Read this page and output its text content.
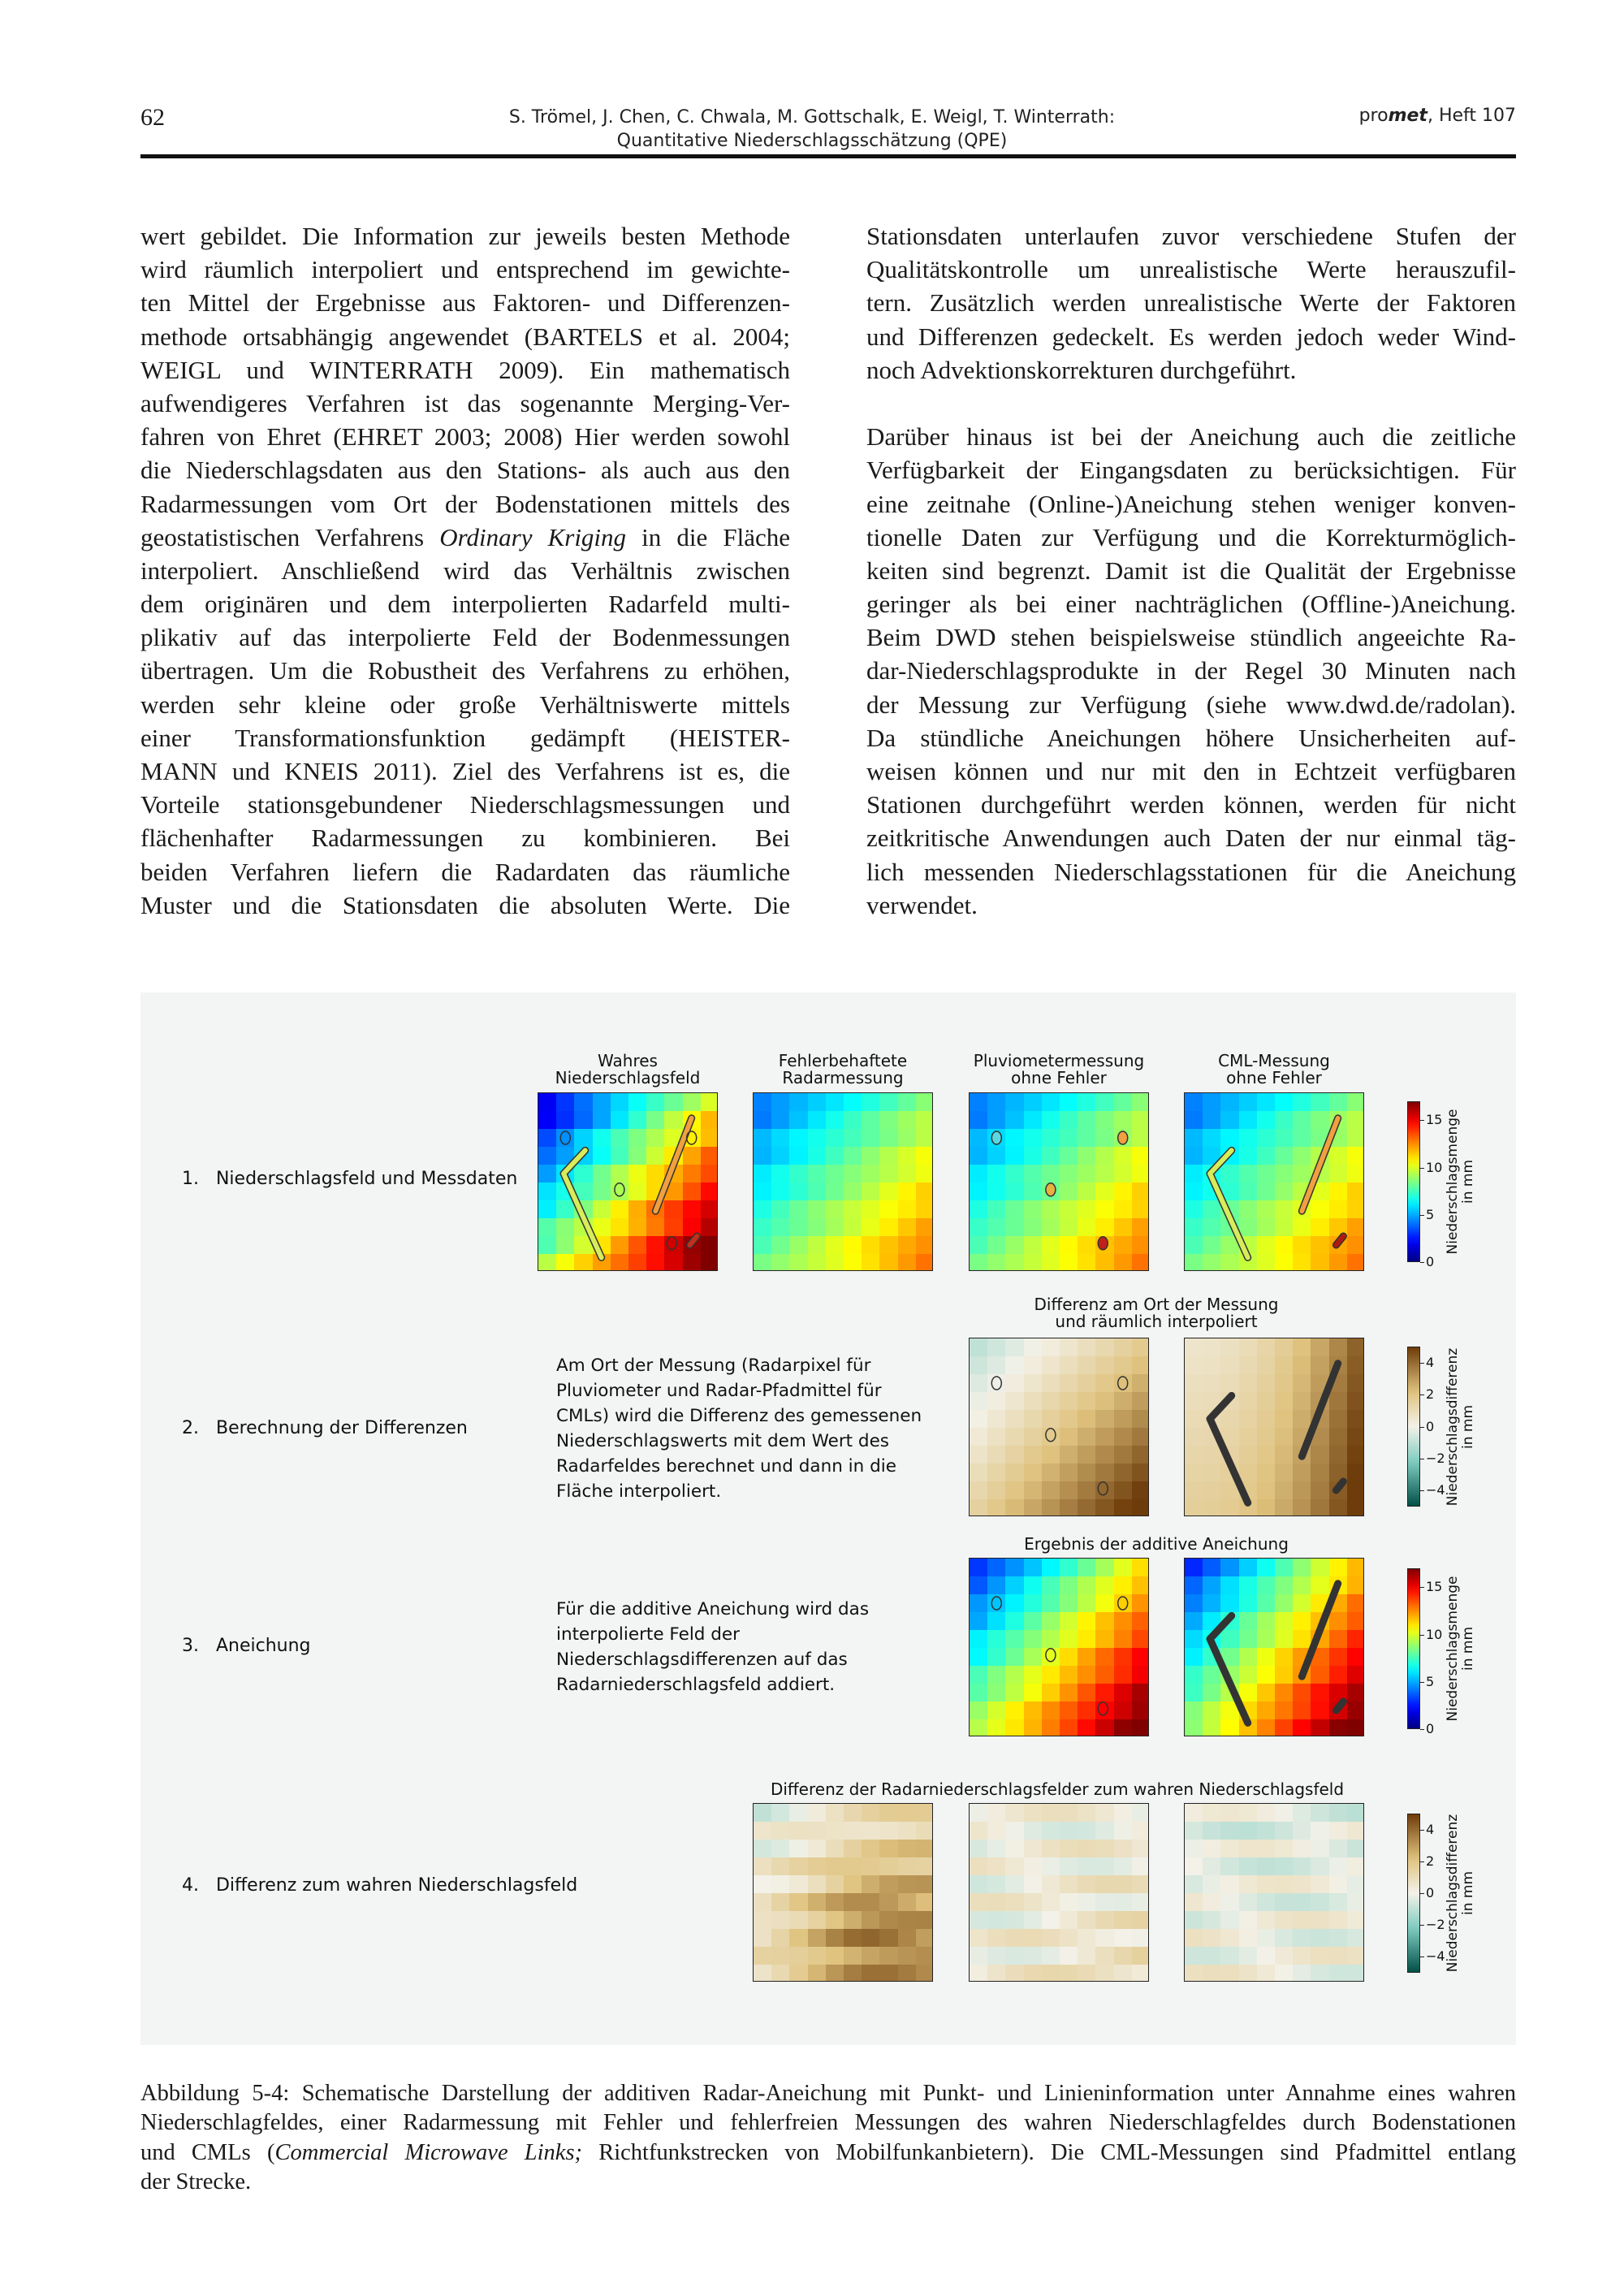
62	S. Trömel, J. Chen, C. Chwala, M. Gottschalk, E. Weigl, T. Winterrath:
Quantitative Niederschlagsschätzung (QPE)
promet, Heft 107
wert gebildet. Die Information zur jeweils besten Methode
wird räumlich interpoliert und entsprechend im gewichte-
ten Mittel der Ergebnisse aus Faktoren- und Differenzen-
methode ortsabhängig angewendet (BARTELS et al. 2004;
WEIGL und WINTERRATH 2009). Ein mathematisch
aufwendigeres Verfahren ist das sogenannte Merging-Ver-
fahren von Ehret (EHRET 2003; 2008) Hier werden sowohl
die Niederschlagsdaten aus den Stations- als auch aus den
Radarmessungen vom Ort der Bodenstationen mittels des
geostatistischen Verfahrens Ordinary Kriging in die Fläche
interpoliert. Anschließend wird das Verhältnis zwischen
dem originären und dem interpolierten Radarfeld multi-
plikativ auf das interpolierte Feld der Bodenmessungen
übertragen. Um die Robustheit des Verfahrens zu erhöhen,
werden sehr kleine oder große Verhältniswerte mittels
einer Transformationsfunktion gedämpft (HEISTER-
MANN und KNEIS 2011). Ziel des Verfahrens ist es, die
Vorteile stationsgebundener Niederschlagsmessungen und
flächenhafter Radarmessungen zu kombinieren. Bei
beiden Verfahren liefern die Radardaten das räumliche
Muster und die Stationsdaten die absoluten Werte. Die
Stationsdaten unterlaufen zuvor verschiedene Stufen der
Qualitätskontrolle um unrealistische Werte herauszufil-
tern. Zusätzlich werden unrealistische Werte der Faktoren
und Differenzen gedeckelt. Es werden jedoch weder Wind-
noch Advektionskorrekturen durchgeführt.
Darüber hinaus ist bei der Aneichung auch die zeitliche
Verfügbarkeit der Eingangsdaten zu berücksichtigen. Für
eine zeitnahe (Online-)Aneichung stehen weniger konven-
tionelle Daten zur Verfügung und die Korrekturmöglich-
keiten sind begrenzt. Damit ist die Qualität der Ergebnisse
geringer als bei einer nachträglichen (Offline-)Aneichung.
Beim DWD stehen beispielsweise stündlich angeeichte Ra-
dar-Niederschlagsprodukte in der Regel 30 Minuten nach
der Messung zur Verfügung (siehe www.dwd.de/radolan).
Da stündliche Aneichungen höhere Unsicherheiten auf-
weisen können und nur mit den in Echtzeit verfügbaren
Stationen durchgeführt werden können, werden für nicht
zeitkritische Anwendungen auch Daten der nur einmal täg-
lich messenden Niederschlagsstationen für die Aneichung
verwendet.
1.   Niederschlagsfeld und Messdaten
2.   Berechnung der Differenzen
Am Ort der Messung (Radarpixel für
Pluviometer und Radar-Pfadmittel für
CMLs) wird die Differenz des gemessenen
Niederschlagswerts mit dem Wert des
Radarfeldes berechnet und dann in die
Fläche interpoliert.
3.   Aneichung
Für die additive Aneichung wird das
interpolierte Feld der
Niederschlagsdifferenzen auf das
Radarniederschlagsfeld addiert.
4.   Differenz zum wahren Niederschlagsfeld
Wahres
Niederschlagsfeld
Fehlerbehaftete
Radarmessung
Pluviometermessung
ohne Fehler
CML-Messung
ohne Fehler
Differenz am Ort der Messung
und räumlich interpoliert
Ergebnis der additive Aneichung
Differenz der Radarniederschlagsfelder zum wahren Niederschlagsfeld
0
5
10
15 Niederschlagsmenge in mm
−4
−2
0
2
4 Niederschlagsdifferenz in mm
0
5
10
15 Niederschlagsmenge in mm
−4
−2
0
2
4 Niederschlagsdifferenz in mm
Abbildung 5-4: Schematische Darstellung der additiven Radar-Aneichung mit Punkt- und Linieninformation unter Annahme eines wahren
Niederschlagfeldes, einer Radarmessung mit Fehler und fehlerfreien Messungen des wahren Niederschlagfeldes durch Bodenstationen
und CMLs (Commercial Microwave Links; Richtfunkstrecken von Mobilfunkanbietern). Die CML-Messungen sind Pfadmittel entlang
der Strecke.
